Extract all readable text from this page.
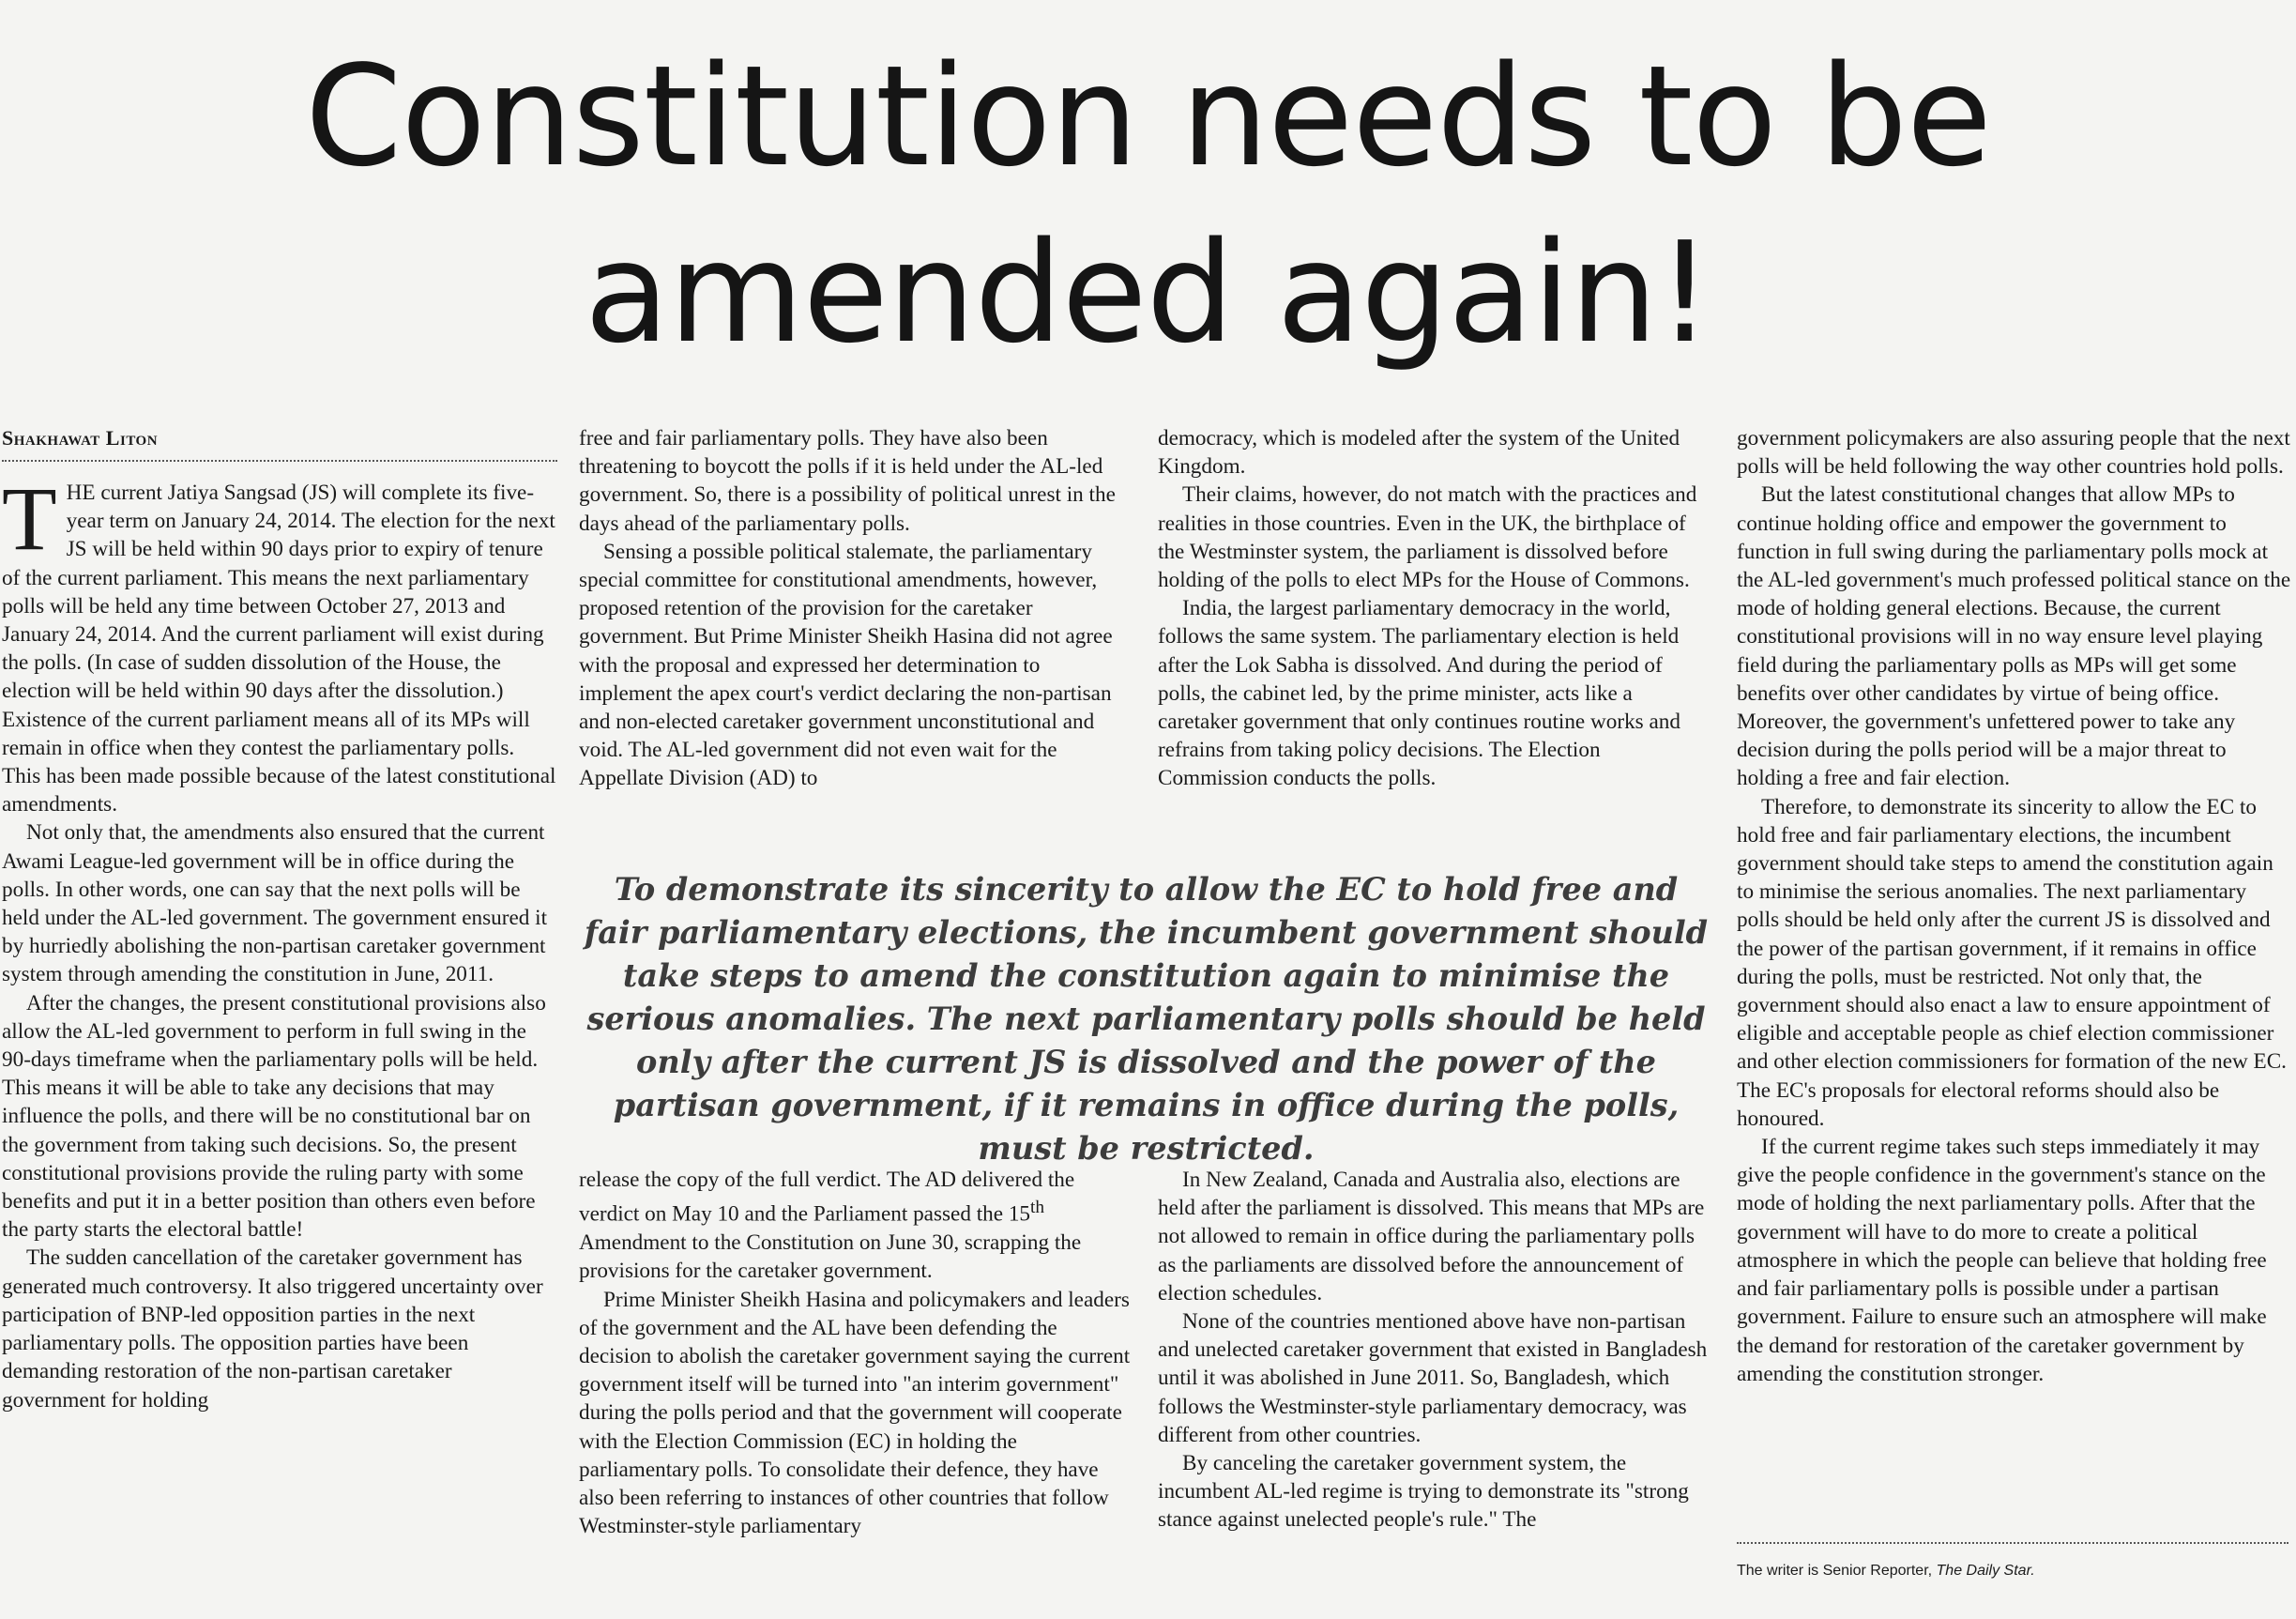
Constitution needs to be amended again!
Shakhawat Liton

THE current Jatiya Sangsad (JS) will complete its five-year term on January 24, 2014. The election for the next JS will be held within 90 days prior to expiry of tenure of the current parliament. This means the next parliamentary polls will be held any time between October 27, 2013 and January 24, 2014. And the current parliament will exist during the polls. (In case of sudden dissolution of the House, the election will be held within 90 days after the dissolution.) Existence of the current parliament means all of its MPs will remain in office when they contest the parliamentary polls. This has been made possible because of the latest constitutional amendments.

Not only that, the amendments also ensured that the current Awami League-led government will be in office during the polls. In other words, one can say that the next polls will be held under the AL-led government. The government ensured it by hurriedly abolishing the non-partisan caretaker government system through amending the constitution in June, 2011.

After the changes, the present constitutional provisions also allow the AL-led government to perform in full swing in the 90-days timeframe when the parliamentary polls will be held. This means it will be able to take any decisions that may influence the polls, and there will be no constitutional bar on the government from taking such decisions. So, the present constitutional provisions provide the ruling party with some benefits and put it in a better position than others even before the party starts the electoral battle!

The sudden cancellation of the caretaker government has generated much controversy. It also triggered uncertainty over participation of BNP-led opposition parties in the next parliamentary polls. The opposition parties have been demanding restoration of the non-partisan caretaker government for holding

free and fair parliamentary polls. They have also been threatening to boycott the polls if it is held under the AL-led government. So, there is a possibility of political unrest in the days ahead of the parliamentary polls.

Sensing a possible political stalemate, the parliamentary special committee for constitutional amendments, however, proposed retention of the provision for the caretaker government. But Prime Minister Sheikh Hasina did not agree with the proposal and expressed her determination to implement the apex court's verdict declaring the non-partisan and non-elected caretaker government unconstitutional and void. The AL-led government did not even wait for the Appellate Division (AD) to

democracy, which is modeled after the system of the United Kingdom.

Their claims, however, do not match with the practices and realities in those countries. Even in the UK, the birthplace of the Westminster system, the parliament is dissolved before holding of the polls to elect MPs for the House of Commons.

India, the largest parliamentary democracy in the world, follows the same system. The parliamentary election is held after the Lok Sabha is dissolved. And during the period of polls, the cabinet led, by the prime minister, acts like a caretaker government that only continues routine works and refrains from taking policy decisions. The Election Commission conducts the polls.

To demonstrate its sincerity to allow the EC to hold free and fair parliamentary elections, the incumbent government should take steps to amend the constitution again to minimise the serious anomalies. The next parliamentary polls should be held only after the current JS is dissolved and the power of the partisan government, if it remains in office during the polls, must be restricted.

release the copy of the full verdict. The AD delivered the verdict on May 10 and the Parliament passed the 15th Amendment to the Constitution on June 30, scrapping the provisions for the caretaker government.

Prime Minister Sheikh Hasina and policymakers and leaders of the government and the AL have been defending the decision to abolish the caretaker government saying the current government itself will be turned into "an interim government" during the polls period and that the government will cooperate with the Election Commission (EC) in holding the parliamentary polls. To consolidate their defence, they have also been referring to instances of other countries that follow Westminster-style parliamentary

In New Zealand, Canada and Australia also, elections are held after the parliament is dissolved. This means that MPs are not allowed to remain in office during the parliamentary polls as the parliaments are dissolved before the announcement of election schedules.

None of the countries mentioned above have non-partisan and unelected caretaker government that existed in Bangladesh until it was abolished in June 2011. So, Bangladesh, which follows the Westminster-style parliamentary democracy, was different from other countries.

By canceling the caretaker government system, the incumbent AL-led regime is trying to demonstrate its "strong stance against unelected people's rule." The

government policymakers are also assuring people that the next polls will be held following the way other countries hold polls.

But the latest constitutional changes that allow MPs to continue holding office and empower the government to function in full swing during the parliamentary polls mock at the AL-led government's much professed political stance on the mode of holding general elections. Because, the current constitutional provisions will in no way ensure level playing field during the parliamentary polls as MPs will get some benefits over other candidates by virtue of being office. Moreover, the government's unfettered power to take any decision during the polls period will be a major threat to holding a free and fair election.

Therefore, to demonstrate its sincerity to allow the EC to hold free and fair parliamentary elections, the incumbent government should take steps to amend the constitution again to minimise the serious anomalies. The next parliamentary polls should be held only after the current JS is dissolved and the power of the partisan government, if it remains in office during the polls, must be restricted. Not only that, the government should also enact a law to ensure appointment of eligible and acceptable people as chief election commissioner and other election commissioners for formation of the new EC. The EC's proposals for electoral reforms should also be honoured.

If the current regime takes such steps immediately it may give the people confidence in the government's stance on the mode of holding the next parliamentary polls. After that the government will have to do more to create a political atmosphere in which the people can believe that holding free and fair parliamentary polls is possible under a partisan government. Failure to ensure such an atmosphere will make the demand for restoration of the caretaker government by amending the constitution stronger.

The writer is Senior Reporter, The Daily Star.
